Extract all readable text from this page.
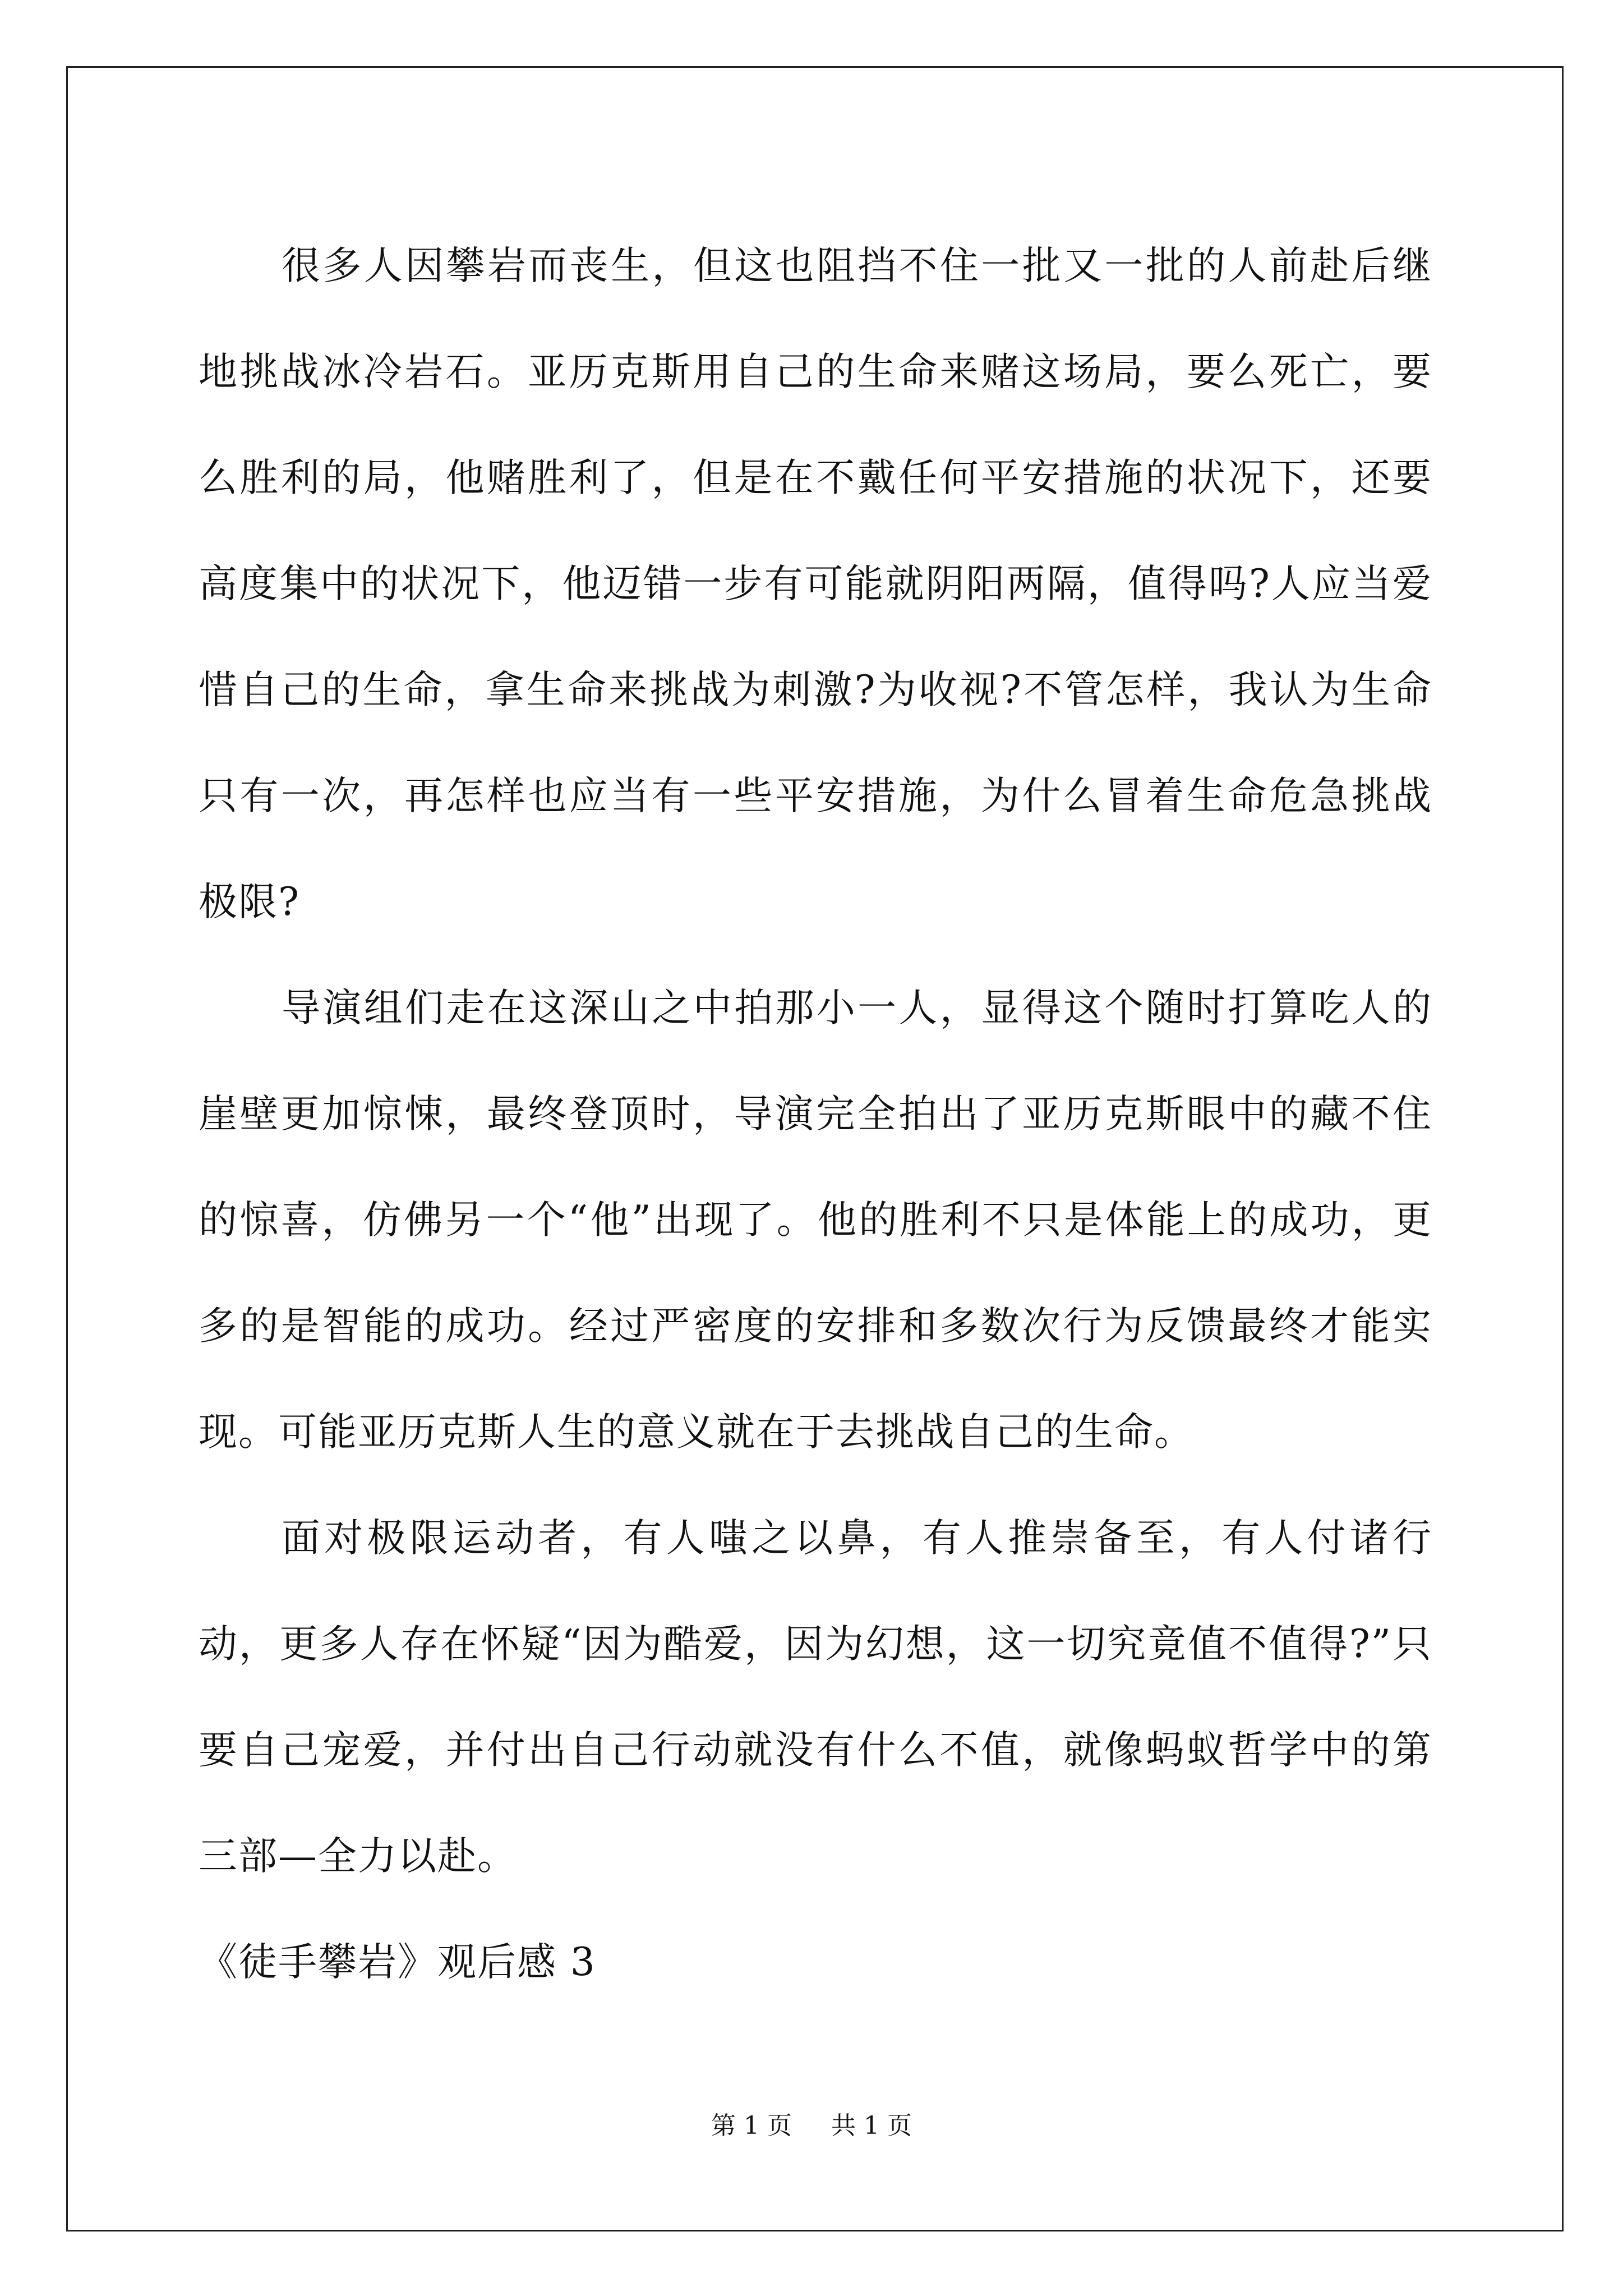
很多人因攀岩而丧生，但这也阻挡不住一批又一批的人前赴后继地挑战冰冷岩石。亚历克斯用自己的生命来赌这场局，要么死亡，要么胜利的局，他赌胜利了，但是在不戴任何平安措施的状况下，还要高度集中的状况下，他迈错一步有可能就阴阳两隔，值得吗?人应当爱惜自己的生命，拿生命来挑战为刺激?为收视?不管怎样，我认为生命只有一次，再怎样也应当有一些平安措施，为什么冒着生命危急挑战极限?

导演组们走在这深山之中拍那小一人，显得这个随时打算吃人的崖壁更加惊悚，最终登顶时，导演完全拍出了亚历克斯眼中的藏不住的惊喜，仿佛另一个“他”出现了。他的胜利不只是体能上的成功，更多的是智能的成功。经过严密度的安排和多数次行为反馈最终才能实现。可能亚历克斯人生的意义就在于去挑战自己的生命。

面对极限运动者，有人嗤之以鼻，有人推崇备至，有人付诸行动，更多人存在怀疑“因为酷爱，因为幻想，这一切究竟值不值得?”只要自己宠爱，并付出自己行动就没有什么不值，就像蚂蚁哲学中的第三部—全力以赴。

《徒手攀岩》观后感 3

第 1 页 共 1 页
